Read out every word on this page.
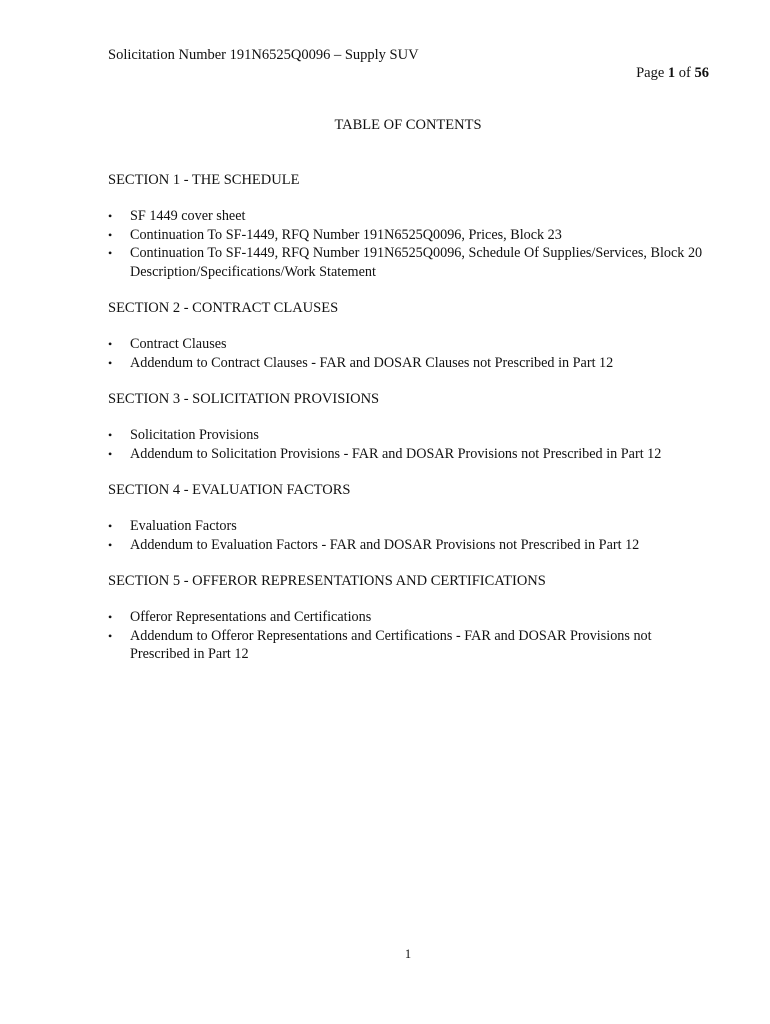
Solicitation Number 191N6525Q0096 – Supply SUV
Page 1 of 56
TABLE OF CONTENTS
SECTION 1 - THE SCHEDULE
• SF 1449 cover sheet
• Continuation To SF-1449, RFQ Number 191N6525Q0096, Prices, Block 23
• Continuation To SF-1449, RFQ Number 191N6525Q0096, Schedule Of Supplies/Services, Block 20 Description/Specifications/Work Statement
SECTION 2 - CONTRACT CLAUSES
• Contract Clauses
• Addendum to Contract Clauses - FAR and DOSAR Clauses not Prescribed in Part 12
SECTION 3 - SOLICITATION PROVISIONS
• Solicitation Provisions
• Addendum to Solicitation Provisions - FAR and DOSAR Provisions not Prescribed in Part 12
SECTION 4 - EVALUATION FACTORS
• Evaluation Factors
• Addendum to Evaluation Factors - FAR and DOSAR Provisions not Prescribed in Part 12
SECTION 5 - OFFEROR REPRESENTATIONS AND CERTIFICATIONS
• Offeror Representations and Certifications
• Addendum to Offeror Representations and Certifications - FAR and DOSAR Provisions not Prescribed in Part 12
1
